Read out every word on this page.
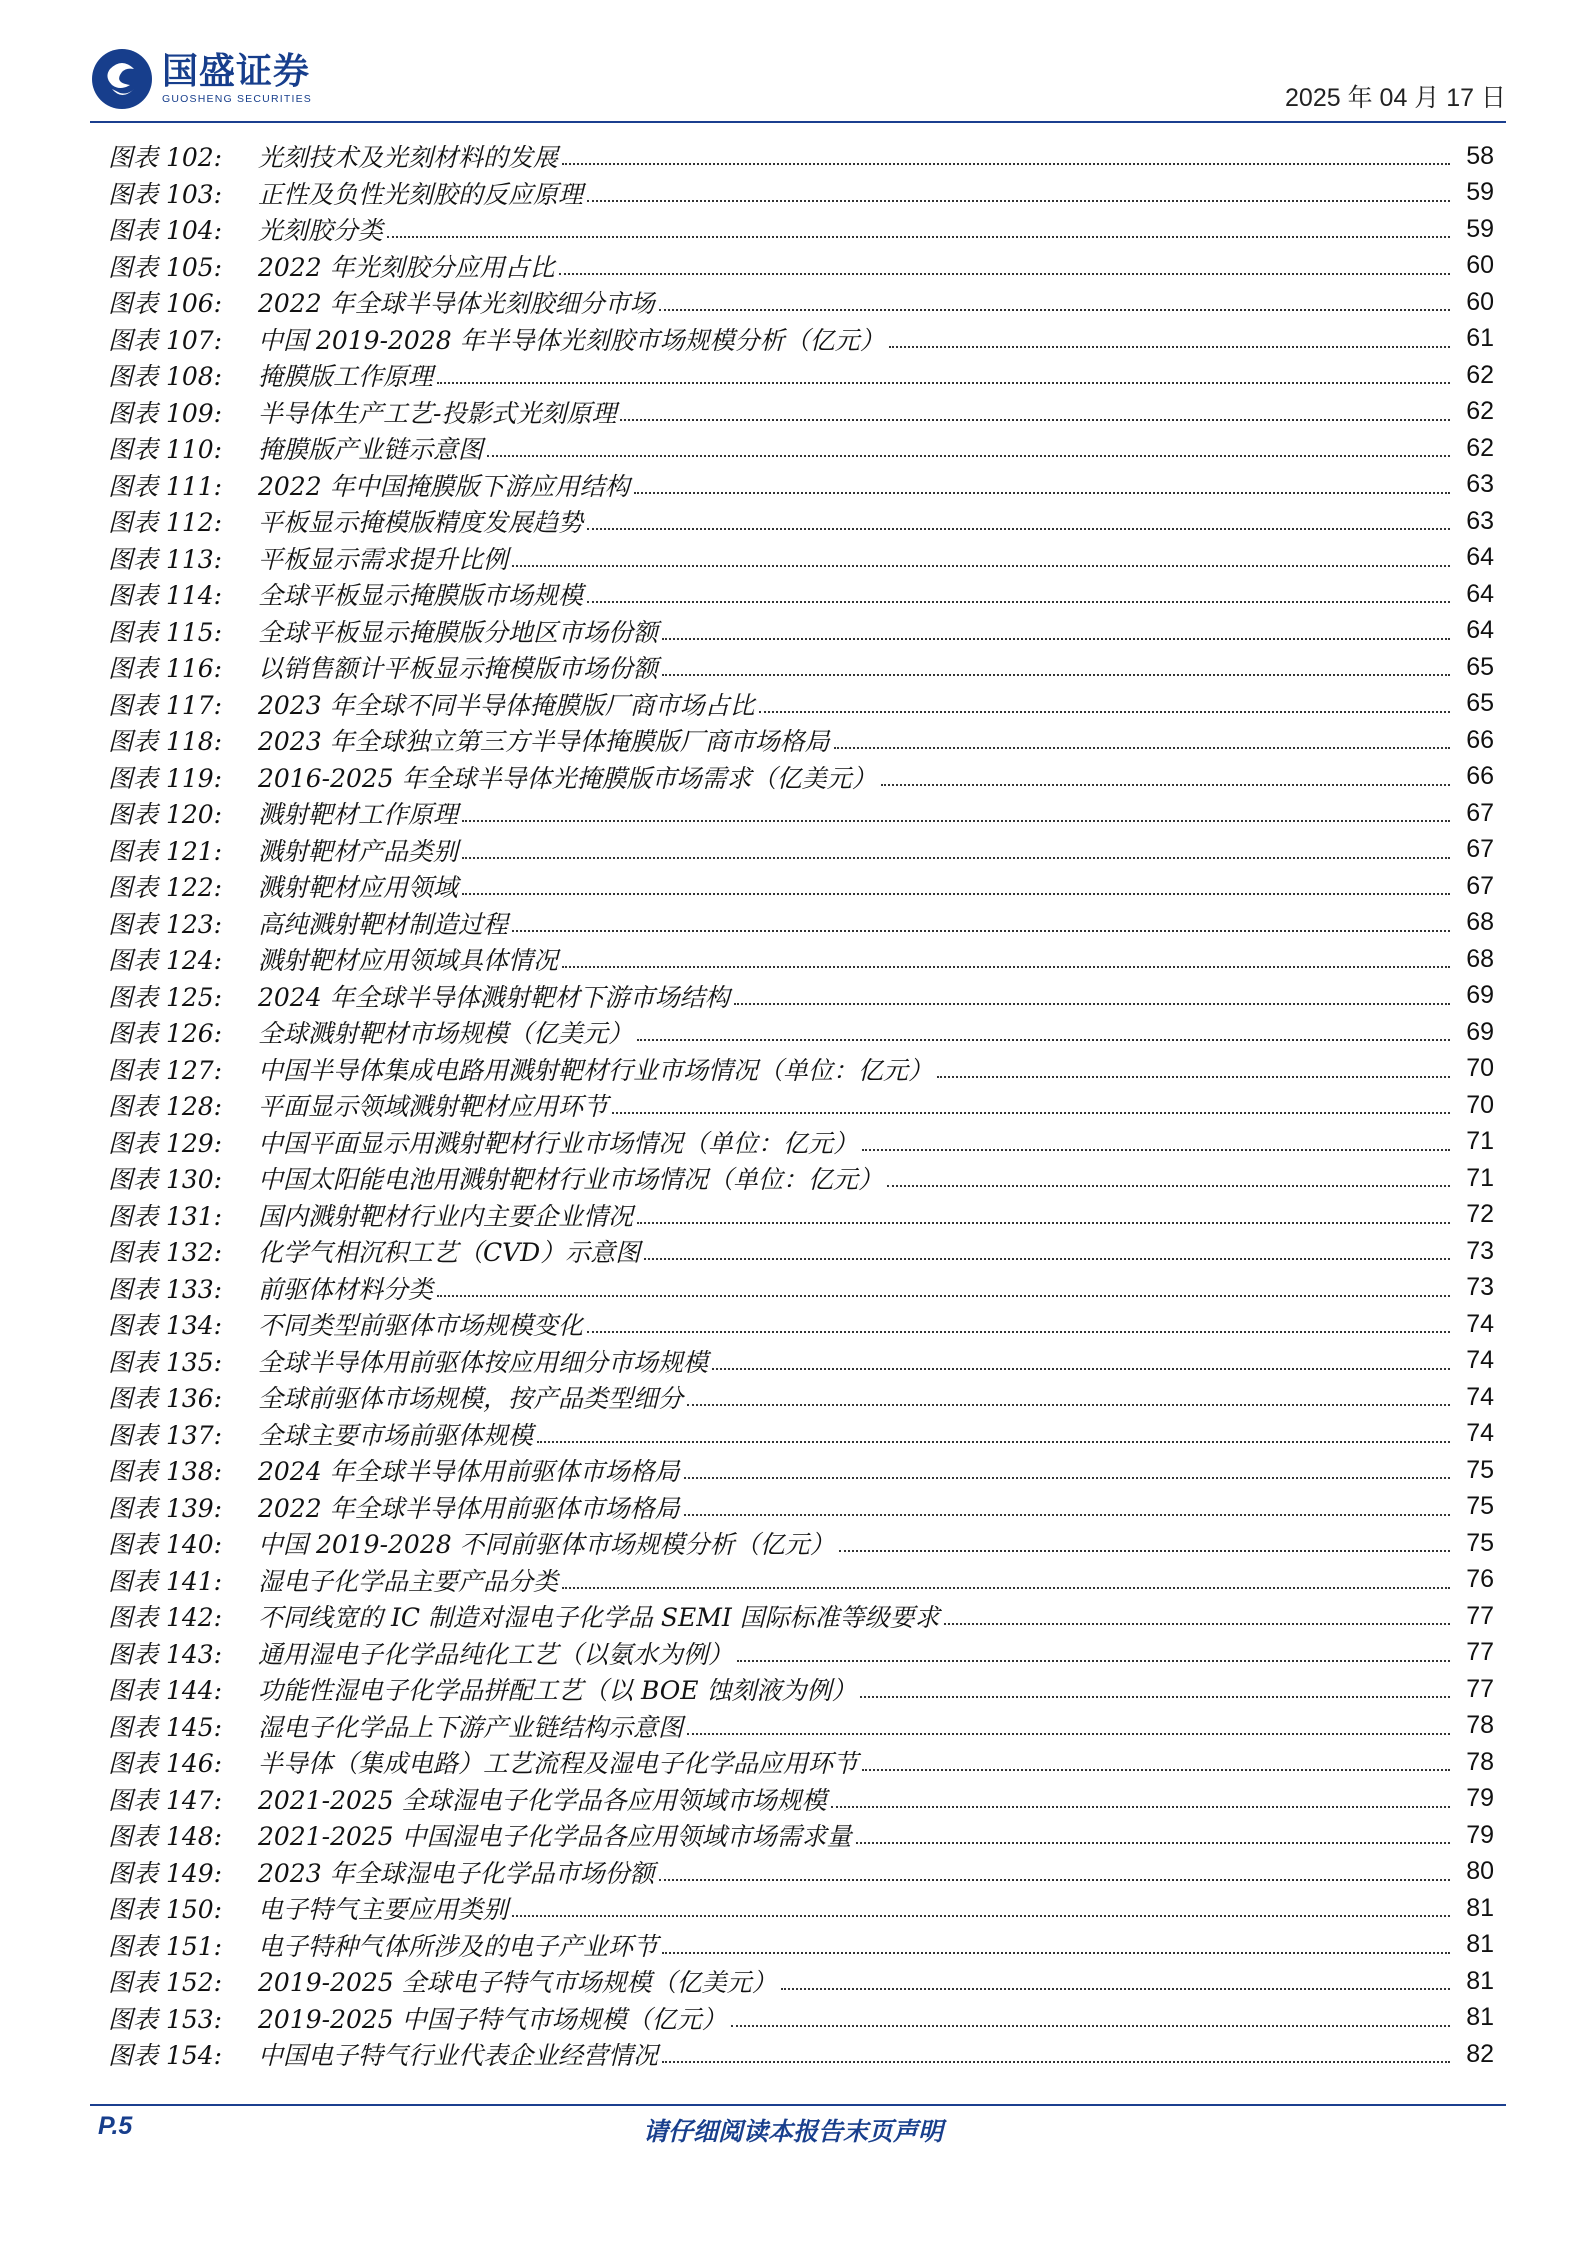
国盛证券
GUOSHENG SECURITIES	2025 年 04 月 17 日
图表 102:	光刻技术及光刻材料的发展	58
图表 103:	正性及负性光刻胶的反应原理	59
图表 104:	光刻胶分类	59
图表 105:	2022 年光刻胶分应用占比	60
图表 106:	2022 年全球半导体光刻胶细分市场	60
图表 107:	中国 2019-2028 年半导体光刻胶市场规模分析（亿元）	61
图表 108:	掩膜版工作原理	62
图表 109:	半导体生产工艺-投影式光刻原理	62
图表 110:	掩膜版产业链示意图	62
图表 111:	2022 年中国掩膜版下游应用结构	63
图表 112:	平板显示掩模版精度发展趋势	63
图表 113:	平板显示需求提升比例	64
图表 114:	全球平板显示掩膜版市场规模	64
图表 115:	全球平板显示掩膜版分地区市场份额	64
图表 116:	以销售额计平板显示掩模版市场份额	65
图表 117:	2023 年全球不同半导体掩膜版厂商市场占比	65
图表 118:	2023 年全球独立第三方半导体掩膜版厂商市场格局	66
图表 119:	2016-2025 年全球半导体光掩膜版市场需求（亿美元）	66
图表 120:	溅射靶材工作原理	67
图表 121:	溅射靶材产品类别	67
图表 122:	溅射靶材应用领域	67
图表 123:	高纯溅射靶材制造过程	68
图表 124:	溅射靶材应用领域具体情况	68
图表 125:	2024 年全球半导体溅射靶材下游市场结构	69
图表 126:	全球溅射靶材市场规模（亿美元）	69
图表 127:	中国半导体集成电路用溅射靶材行业市场情况（单位：亿元）	70
图表 128:	平面显示领域溅射靶材应用环节	70
图表 129:	中国平面显示用溅射靶材行业市场情况（单位：亿元）	71
图表 130:	中国太阳能电池用溅射靶材行业市场情况（单位：亿元）	71
图表 131:	国内溅射靶材行业内主要企业情况	72
图表 132:	化学气相沉积工艺（CVD）示意图	73
图表 133:	前驱体材料分类	73
图表 134:	不同类型前驱体市场规模变化	74
图表 135:	全球半导体用前驱体按应用细分市场规模	74
图表 136:	全球前驱体市场规模，按产品类型细分	74
图表 137:	全球主要市场前驱体规模	74
图表 138:	2024 年全球半导体用前驱体市场格局	75
图表 139:	2022 年全球半导体用前驱体市场格局	75
图表 140:	中国 2019-2028 不同前驱体市场规模分析（亿元）	75
图表 141:	湿电子化学品主要产品分类	76
图表 142:	不同线宽的 IC 制造对湿电子化学品 SEMI 国际标准等级要求	77
图表 143:	通用湿电子化学品纯化工艺（以氨水为例）	77
图表 144:	功能性湿电子化学品拼配工艺（以 BOE 蚀刻液为例）	77
图表 145:	湿电子化学品上下游产业链结构示意图	78
图表 146:	半导体（集成电路）工艺流程及湿电子化学品应用环节	78
图表 147:	2021-2025 全球湿电子化学品各应用领域市场规模	79
图表 148:	2021-2025 中国湿电子化学品各应用领域市场需求量	79
图表 149:	2023 年全球湿电子化学品市场份额	80
图表 150:	电子特气主要应用类别	81
图表 151:	电子特种气体所涉及的电子产业环节	81
图表 152:	2019-2025 全球电子特气市场规模（亿美元）	81
图表 153:	2019-2025 中国子特气市场规模（亿元）	81
图表 154:	中国电子特气行业代表企业经营情况	82
P.5	请仔细阅读本报告末页声明
